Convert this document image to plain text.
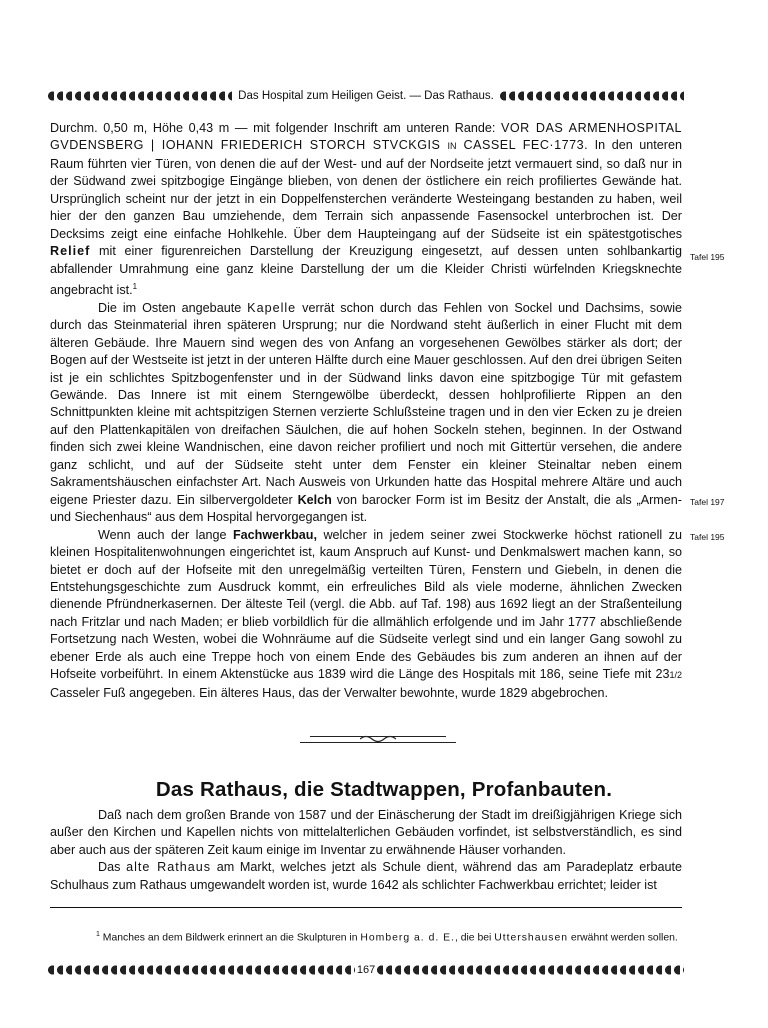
Das Hospital zum Heiligen Geist. — Das Rathaus.

Durchm. 0,50 m, Höhe 0,43 m — mit folgender Inschrift am unteren Rande: VOR DAS ARMENHOSPITAL GVDENSBERG | IOHANN FRIEDERICH STORCH STVCKGIS IN CASSEL FEC·1773. In den unteren Raum führten vier Türen, von denen die auf der West- und auf der Nordseite jetzt vermauert sind, so daß nur in der Südwand zwei spitzbogige Eingänge blieben, von denen der östlichere ein reich profiliertes Gewände hat. Ursprünglich scheint nur der jetzt in ein Doppelfensterchen veränderte Westeingang bestanden zu haben, weil hier der den ganzen Bau umziehende, dem Terrain sich anpassende Fasensockel unterbrochen ist. Der Decksims zeigt eine einfache Hohlkehle. Über dem Haupteingang auf der Südseite ist ein spätestgotisches Relief mit einer figurenreichen Darstellung der Kreuzigung eingesetzt, auf dessen unten sohlbankartig abfallender Umrahmung eine ganz kleine Darstellung der um die Kleider Christi würfelnden Kriegsknechte angebracht ist.$^1$

Die im Osten angebaute Kapelle verrät schon durch das Fehlen von Sockel und Dachsims, sowie durch das Steinmaterial ihren späteren Ursprung; nur die Nordwand steht äußerlich in einer Flucht mit dem älteren Gebäude. Ihre Mauern sind wegen des von Anfang an vorgesehenen Gewölbes stärker als dort; der Bogen auf der Westseite ist jetzt in der unteren Hälfte durch eine Mauer geschlossen. Auf den drei übrigen Seiten ist je ein schlichtes Spitzbogenfenster und in der Südwand links davon eine spitzbogige Tür mit gefastem Gewände. Das Innere ist mit einem Sterngewölbe überdeckt, dessen hohlprofilierte Rippen an den Schnittpunkten kleine mit achtspitzigen Sternen verzierte Schlußsteine tragen und in den vier Ecken zu je dreien auf den Plattenkapitälen von dreifachen Säulchen, die auf hohen Sockeln stehen, beginnen. In der Ostwand finden sich zwei kleine Wandnischen, eine davon reicher profiliert und noch mit Gittertür versehen, die andere ganz schlicht, und auf der Südseite steht unter dem Fenster ein kleiner Steinaltar neben einem Sakramentshäuschen einfachster Art. Nach Ausweis von Urkunden hatte das Hospital mehrere Altäre und auch eigene Priester dazu. Ein silbervergoldeter Kelch von barocker Form ist im Besitz der Anstalt, die als „Armen- und Siechenhaus“ aus dem Hospital hervorgegangen ist.

Wenn auch der lange Fachwerkbau, welcher in jedem seiner zwei Stockwerke höchst rationell zu kleinen Hospitalitenwohnungen eingerichtet ist, kaum Anspruch auf Kunst- und Denkmalswert machen kann, so bietet er doch auf der Hofseite mit den unregelmäßig verteilten Türen, Fenstern und Giebeln, in denen die Entstehungsgeschichte zum Ausdruck kommt, ein erfreuliches Bild als viele moderne, ähnlichen Zwecken dienende Pfründnerkasernen. Der älteste Teil (vergl. die Abb. auf Taf. 198) aus 1692 liegt an der Straßenteilung nach Fritzlar und nach Maden; er blieb vorbildlich für die allmählich erfolgende und im Jahr 1777 abschließende Fortsetzung nach Westen, wobei die Wohnräume auf die Südseite verlegt sind und ein langer Gang sowohl zu ebener Erde als auch eine Treppe hoch von einem Ende des Gebäudes bis zum anderen an ihnen auf der Hofseite vorbeiführt. In einem Aktenstücke aus 1839 wird die Länge des Hospitals mit 186, seine Tiefe mit 231/2 Casseler Fuß angegeben. Ein älteres Haus, das der Verwalter bewohnte, wurde 1829 abgebrochen.

Tafel 195
Tafel 197
Tafel 195
Das Rathaus, die Stadtwappen, Profanbauten.

Daß nach dem großen Brande von 1587 und der Einäscherung der Stadt im dreißigjährigen Kriege sich außer den Kirchen und Kapellen nichts von mittelalterlichen Gebäuden vorfindet, ist selbstverständlich, es sind aber auch aus der späteren Zeit kaum einige im Inventar zu erwähnende Häuser vorhanden.

Das alte Rathaus am Markt, welches jetzt als Schule dient, während das am Paradeplatz erbaute Schulhaus zum Rathaus umgewandelt worden ist, wurde 1642 als schlichter Fachwerkbau errichtet; leider ist

$^1$ Manches an dem Bildwerk erinnert an die Skulpturen in Homberg a. d. E., die bei Uttershausen erwähnt werden sollen.

167
